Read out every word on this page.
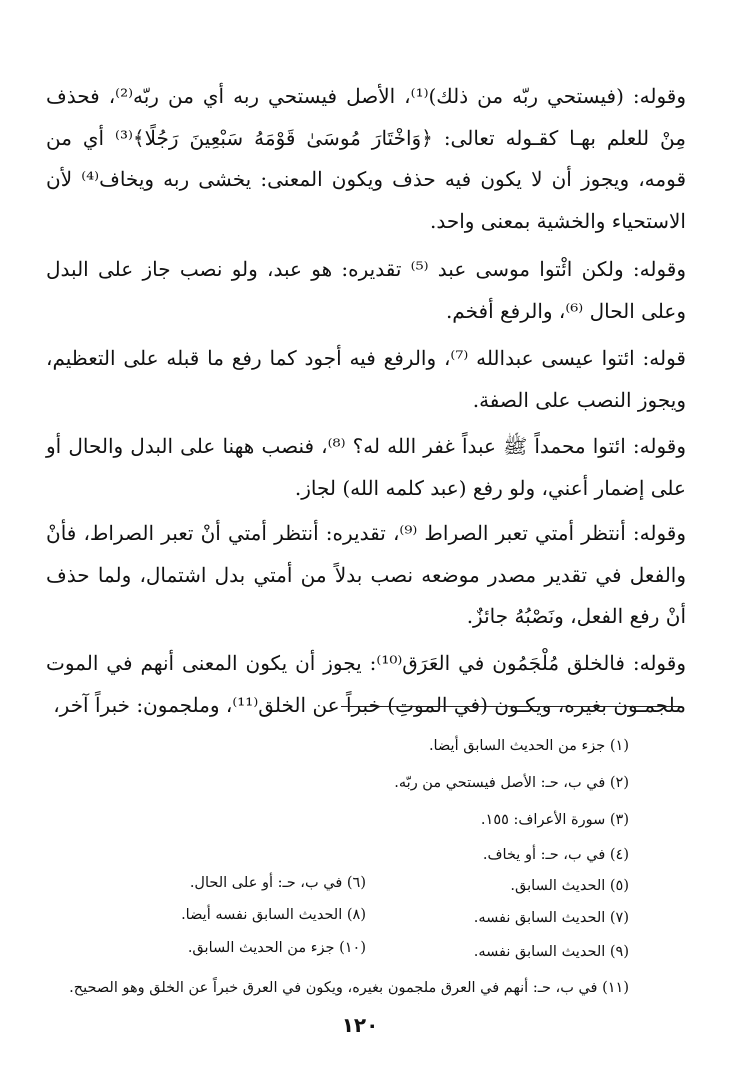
وقوله: (فيستحي ربّه من ذلك)⁽¹⁾، الأصل فيستحي ربه أي من ربّه⁽²⁾، فحذف مِنْ للعلم بهـا كقـوله تعالى: ﴿وَاخْتَارَ مُوسَىٰ قَوْمَهُ سَبْعِينَ رَجُلًا﴾⁽³⁾ أي من قومه، ويجوز أن لا يكون فيه حذف ويكون المعنى: يخشى ربه ويخاف⁽⁴⁾ لأن الاستحياء والخشية بمعنى واحد.

وقوله: ولكن ائْتوا موسى عبد ⁽⁵⁾ تقديره: هو عبد، ولو نصب جاز على البدل وعلى الحال ⁽⁶⁾، والرفع أفخم.

قوله: ائتوا عيسى عبدالله ⁽⁷⁾، والرفع فيه أجود كما رفع ما قبله على التعظيم، ويجوز النصب على الصفة.

وقوله: ائتوا محمداً ﷺ عبداً غفر الله له؟ ⁽⁸⁾، فنصب ههنا على البدل والحال أو على إضمار أعني، ولو رفع (عبد كلمه الله) لجاز.

وقوله: أنتظر أمتي تعبر الصراط ⁽⁹⁾، تقديره: أنتظر أمتي أنْ تعبر الصراط، فأنْ والفعل في تقدير مصدر موضعه نصب بدلاً من أمتي بدل اشتمال، ولما حذف أنْ رفع الفعل، ونَصْبُهُ جائزٌ.

وقوله: فالخلق مُلْجَمُون في العَرَق⁽¹⁰⁾: يجوز أن يكون المعنى أنهم في الموت ملجمـون بغيره، ويكـون (في الموتِ) خبراً عن الخلق⁽¹¹⁾، وملجمون: خبراً آخر،

(١) جزء من الحديث السابق أيضا.
(٢) في ب، حـ: الأصل فيستحي من ربّه.
(٣) سورة الأعراف: ١٥٥.
(٤) في ب، حـ: أو يخاف.
(٥) الحديث السابق.
(٦) في ب، حـ: أو على الحال.
(٧) الحديث السابق نفسه.
(٨) الحديث السابق نفسه أيضا.
(٩) الحديث السابق نفسه.
(١٠) جزء من الحديث السابق.
(١١) في ب، حـ: أنهم في العرق ملجمون بغيره، ويكون في العرق خبراً عن الخلق وهو الصحيح.
١٢٠
